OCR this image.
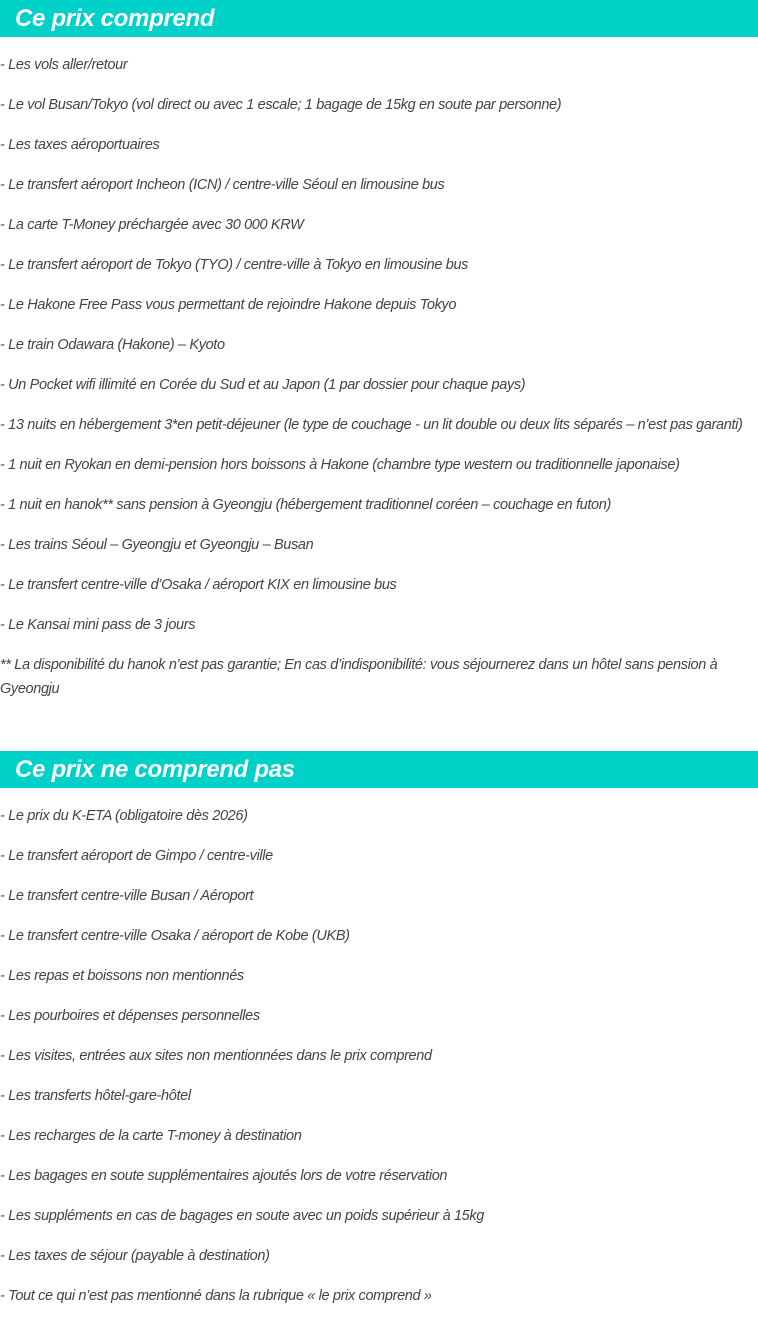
Ce prix comprend
- Les vols aller/retour
- Le vol Busan/Tokyo (vol direct ou avec 1 escale; 1 bagage de 15kg en soute par personne)
- Les taxes aéroportuaires
- Le transfert aéroport Incheon (ICN) / centre-ville Séoul en limousine bus
- La carte T-Money préchargée avec 30 000 KRW
- Le transfert aéroport de Tokyo (TYO) / centre-ville à Tokyo en limousine bus
- Le Hakone Free Pass vous permettant de rejoindre Hakone depuis Tokyo
- Le train Odawara (Hakone) – Kyoto
- Un Pocket wifi illimité en Corée du Sud et au Japon (1 par dossier pour chaque pays)
- 13 nuits en hébergement 3*en petit-déjeuner (le type de couchage - un lit double ou deux lits séparés – n’est pas garanti)
- 1 nuit en Ryokan en demi-pension hors boissons à Hakone (chambre type western ou traditionnelle japonaise)
- 1 nuit en hanok** sans pension à Gyeongju (hébergement traditionnel coréen – couchage en futon)
- Les trains Séoul – Gyeongju et Gyeongju – Busan
- Le transfert centre-ville d’Osaka / aéroport KIX en limousine bus
- Le Kansai mini pass de 3 jours

** La disponibilité du hanok n’est pas garantie; En cas d’indisponibilité: vous séjournerez dans un hôtel sans pension à Gyeongju

Ce prix ne comprend pas
- Le prix du K-ETA (obligatoire dès 2026)
- Le transfert aéroport de Gimpo / centre-ville
- Le transfert centre-ville Busan / Aéroport
- Le transfert centre-ville Osaka / aéroport de Kobe (UKB)
- Les repas et boissons non mentionnés
- Les pourboires et dépenses personnelles
- Les visites, entrées aux sites non mentionnées dans le prix comprend
- Les transferts hôtel-gare-hôtel
- Les recharges de la carte T-money à destination
- Les bagages en soute supplémentaires ajoutés lors de votre réservation
- Les suppléments en cas de bagages en soute avec un poids supérieur à 15kg
- Les taxes de séjour (payable à destination)
- Tout ce qui n’est pas mentionné dans la rubrique « le prix comprend »
